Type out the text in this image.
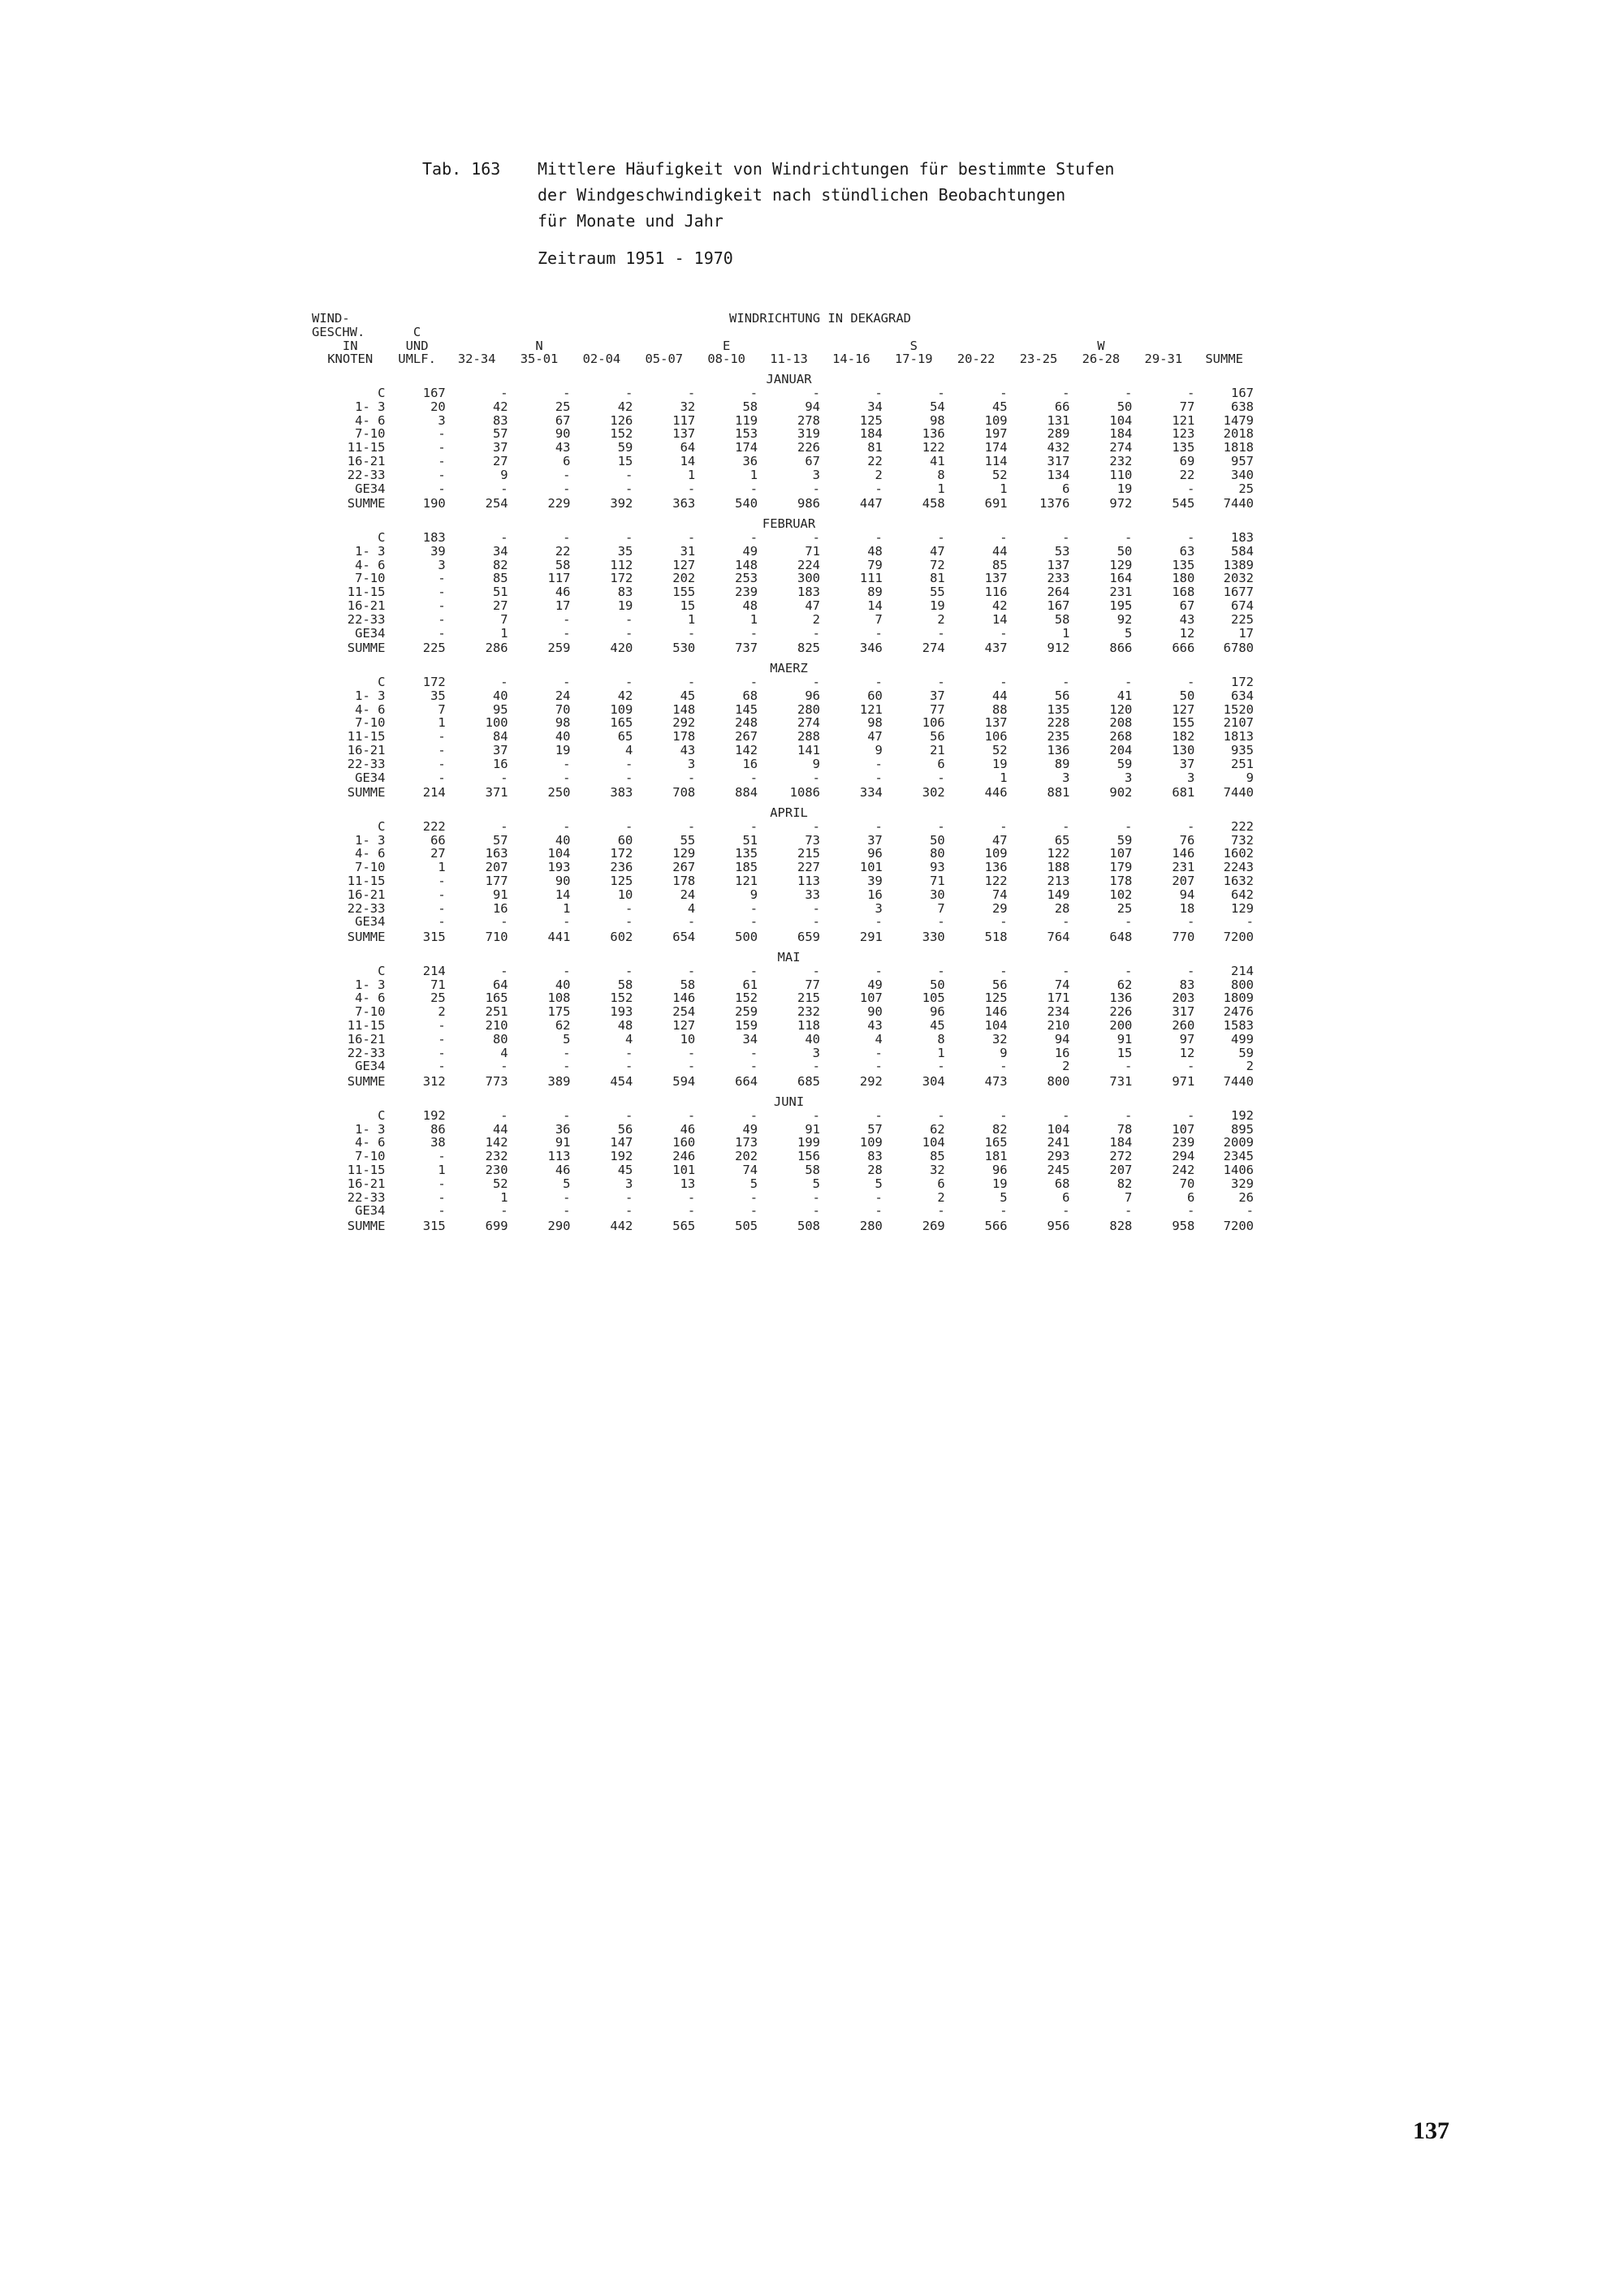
Tab. 163	Mittlere Häufigkeit von Windrichtungen für bestimmte Stufen
der Windgeschwindigkeit nach stündlichen Beobachtungen
für Monate und Jahr
Zeitraum 1951 - 1970
WIND-		WINDRICHTUNG IN DEKAGRAD												
GESCHW.	C													
IN	UND		N			E			S			W		
KNOTEN	UMLF.	32-34	35-01	02-04	05-07	08-10	11-13	14-16	17-19	20-22	23-25	26-28	29-31	SUMME

						JANUAR								
C	167	-	-	-	-	-	-	-	-	-	-	-	-	167
1- 3	20	42	25	42	32	58	94	34	54	45	66	50	77	638
4- 6	3	83	67	126	117	119	278	125	98	109	131	104	121	1479
7-10	-	57	90	152	137	153	319	184	136	197	289	184	123	2018
11-15	-	37	43	59	64	174	226	81	122	174	432	274	135	1818
16-21	-	27	6	15	14	36	67	22	41	114	317	232	69	957
22-33	-	9	-	-	1	1	3	2	8	52	134	110	22	340
GE34	-	-	-	-	-	-	-	-	1	1	6	19	-	25
SUMME	190	254	229	392	363	540	986	447	458	691	1376	972	545	7440

						FEBRUAR								
C	183	-	-	-	-	-	-	-	-	-	-	-	-	183
1- 3	39	34	22	35	31	49	71	48	47	44	53	50	63	584
4- 6	3	82	58	112	127	148	224	79	72	85	137	129	135	1389
7-10	-	85	117	172	202	253	300	111	81	137	233	164	180	2032
11-15	-	51	46	83	155	239	183	89	55	116	264	231	168	1677
16-21	-	27	17	19	15	48	47	14	19	42	167	195	67	674
22-33	-	7	-	-	1	1	2	7	2	14	58	92	43	225
GE34	-	1	-	-	-	-	-	-	-	-	1	5	12	17
SUMME	225	286	259	420	530	737	825	346	274	437	912	866	666	6780

						MAERZ								
C	172	-	-	-	-	-	-	-	-	-	-	-	-	172
1- 3	35	40	24	42	45	68	96	60	37	44	56	41	50	634
4- 6	7	95	70	109	148	145	280	121	77	88	135	120	127	1520
7-10	1	100	98	165	292	248	274	98	106	137	228	208	155	2107
11-15	-	84	40	65	178	267	288	47	56	106	235	268	182	1813
16-21	-	37	19	4	43	142	141	9	21	52	136	204	130	935
22-33	-	16	-	-	3	16	9	-	6	19	89	59	37	251
GE34	-	-	-	-	-	-	-	-	-	1	3	3	3	9
SUMME	214	371	250	383	708	884	1086	334	302	446	881	902	681	7440

						APRIL								
C	222	-	-	-	-	-	-	-	-	-	-	-	-	222
1- 3	66	57	40	60	55	51	73	37	50	47	65	59	76	732
4- 6	27	163	104	172	129	135	215	96	80	109	122	107	146	1602
7-10	1	207	193	236	267	185	227	101	93	136	188	179	231	2243
11-15	-	177	90	125	178	121	113	39	71	122	213	178	207	1632
16-21	-	91	14	10	24	9	33	16	30	74	149	102	94	642
22-33	-	16	1	-	4	-	-	3	7	29	28	25	18	129
GE34	-	-	-	-	-	-	-	-	-	-	-	-	-	-
SUMME	315	710	441	602	654	500	659	291	330	518	764	648	770	7200

						MAI								
C	214	-	-	-	-	-	-	-	-	-	-	-	-	214
1- 3	71	64	40	58	58	61	77	49	50	56	74	62	83	800
4- 6	25	165	108	152	146	152	215	107	105	125	171	136	203	1809
7-10	2	251	175	193	254	259	232	90	96	146	234	226	317	2476
11-15	-	210	62	48	127	159	118	43	45	104	210	200	260	1583
16-21	-	80	5	4	10	34	40	4	8	32	94	91	97	499
22-33	-	4	-	-	-	-	3	-	1	9	16	15	12	59
GE34	-	-	-	-	-	-	-	-	-	-	2	-	-	2
SUMME	312	773	389	454	594	664	685	292	304	473	800	731	971	7440

						JUNI								
C	192	-	-	-	-	-	-	-	-	-	-	-	-	192
1- 3	86	44	36	56	46	49	91	57	62	82	104	78	107	895
4- 6	38	142	91	147	160	173	199	109	104	165	241	184	239	2009
7-10	-	232	113	192	246	202	156	83	85	181	293	272	294	2345
11-15	1	230	46	45	101	74	58	28	32	96	245	207	242	1406
16-21	-	52	5	3	13	5	5	5	6	19	68	82	70	329
22-33	-	1	-	-	-	-	-	-	2	5	6	7	6	26
GE34	-	-	-	-	-	-	-	-	-	-	-	-	-	-
SUMME	315	699	290	442	565	505	508	280	269	566	956	828	958	7200
137
